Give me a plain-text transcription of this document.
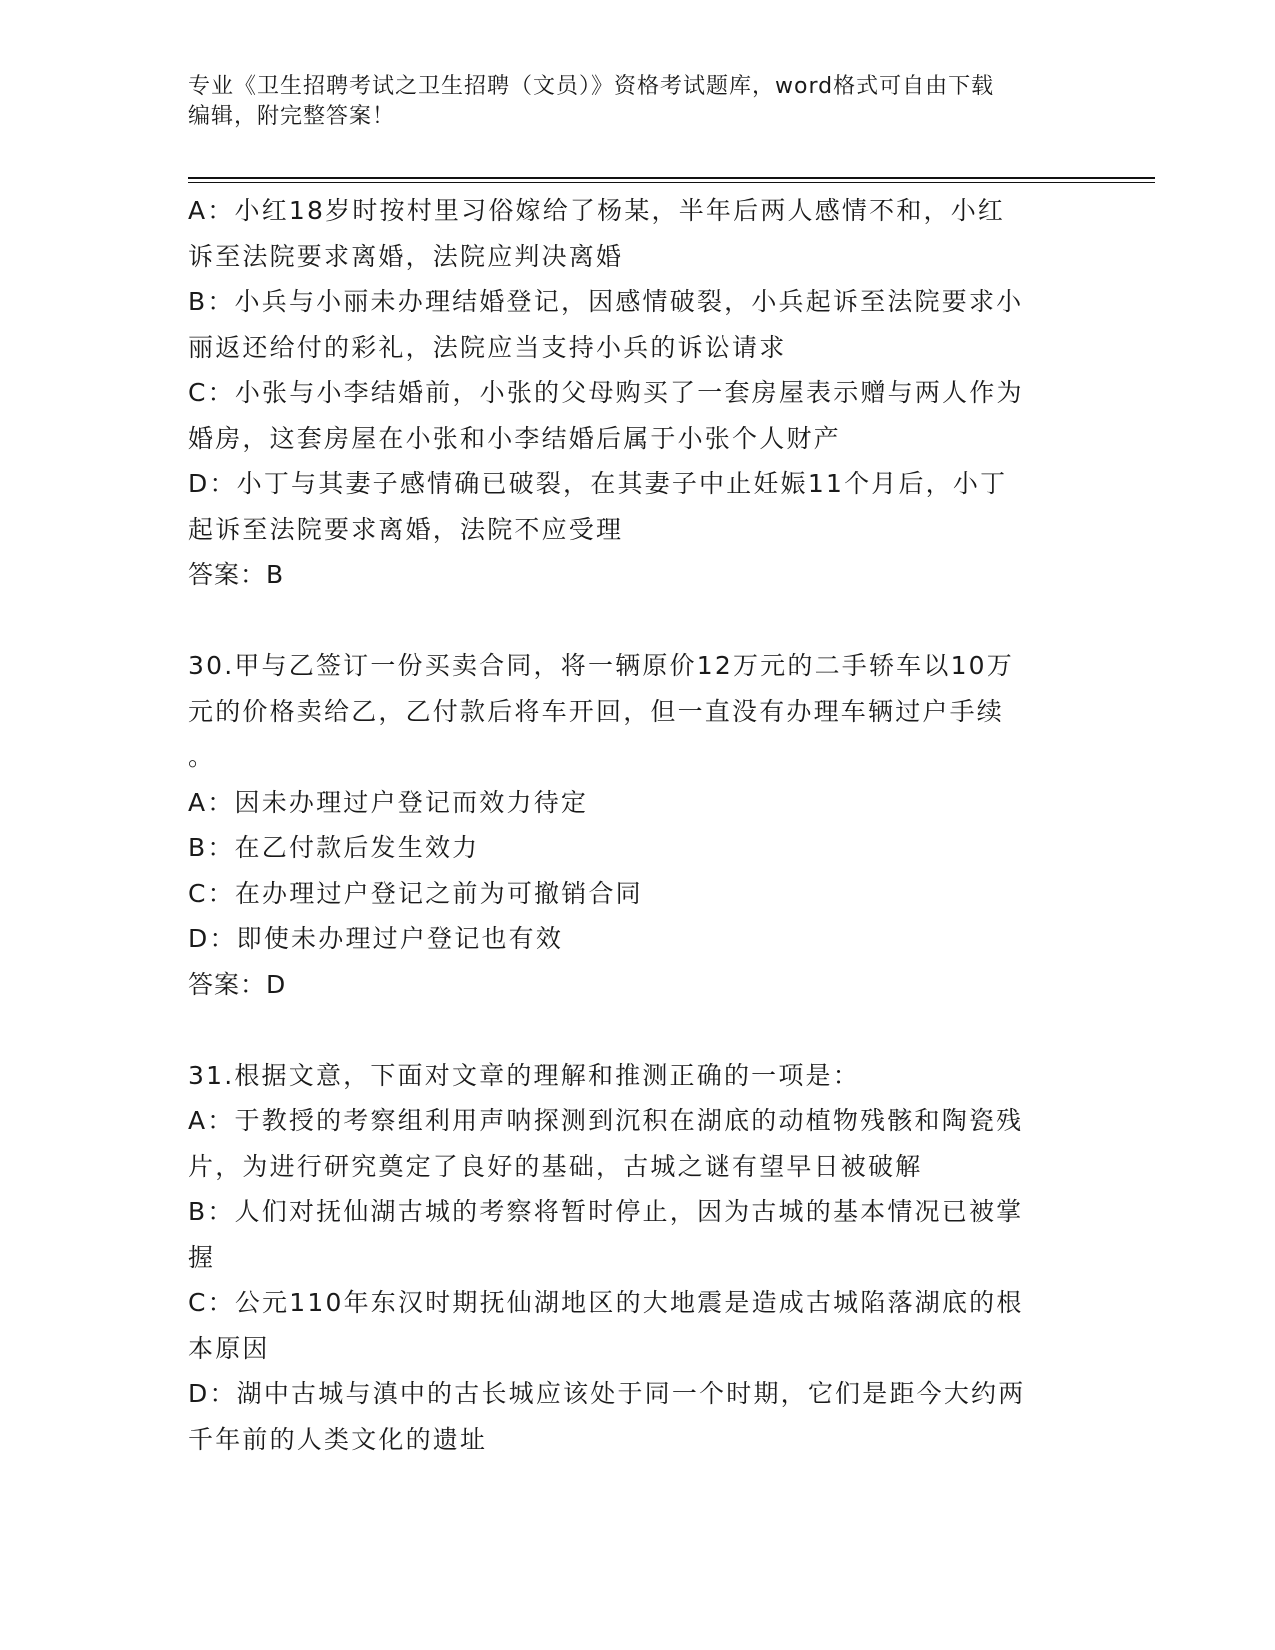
专业《卫生招聘考试之卫生招聘（文员）》资格考试题库，word格式可自由下载
编辑，附完整答案！
A：小红18岁时按村里习俗嫁给了杨某，半年后两人感情不和，小红
诉至法院要求离婚，法院应判决离婚
B：小兵与小丽未办理结婚登记，因感情破裂，小兵起诉至法院要求小
丽返还给付的彩礼，法院应当支持小兵的诉讼请求
C：小张与小李结婚前，小张的父母购买了一套房屋表示赠与两人作为
婚房，这套房屋在小张和小李结婚后属于小张个人财产
D：小丁与其妻子感情确已破裂，在其妻子中止妊娠11个月后，小丁
起诉至法院要求离婚，法院不应受理
答案：B
30.甲与乙签订一份买卖合同，将一辆原价12万元的二手轿车以10万
元的价格卖给乙，乙付款后将车开回，但一直没有办理车辆过户手续
。
A：因未办理过户登记而效力待定
B：在乙付款后发生效力
C：在办理过户登记之前为可撤销合同
D：即使未办理过户登记也有效
答案：D
31.根据文意，下面对文章的理解和推测正确的一项是：
A：于教授的考察组利用声呐探测到沉积在湖底的动植物残骸和陶瓷残
片，为进行研究奠定了良好的基础，古城之谜有望早日被破解
B：人们对抚仙湖古城的考察将暂时停止，因为古城的基本情况已被掌
握
C：公元110年东汉时期抚仙湖地区的大地震是造成古城陷落湖底的根
本原因
D：湖中古城与滇中的古长城应该处于同一个时期，它们是距今大约两
千年前的人类文化的遗址
